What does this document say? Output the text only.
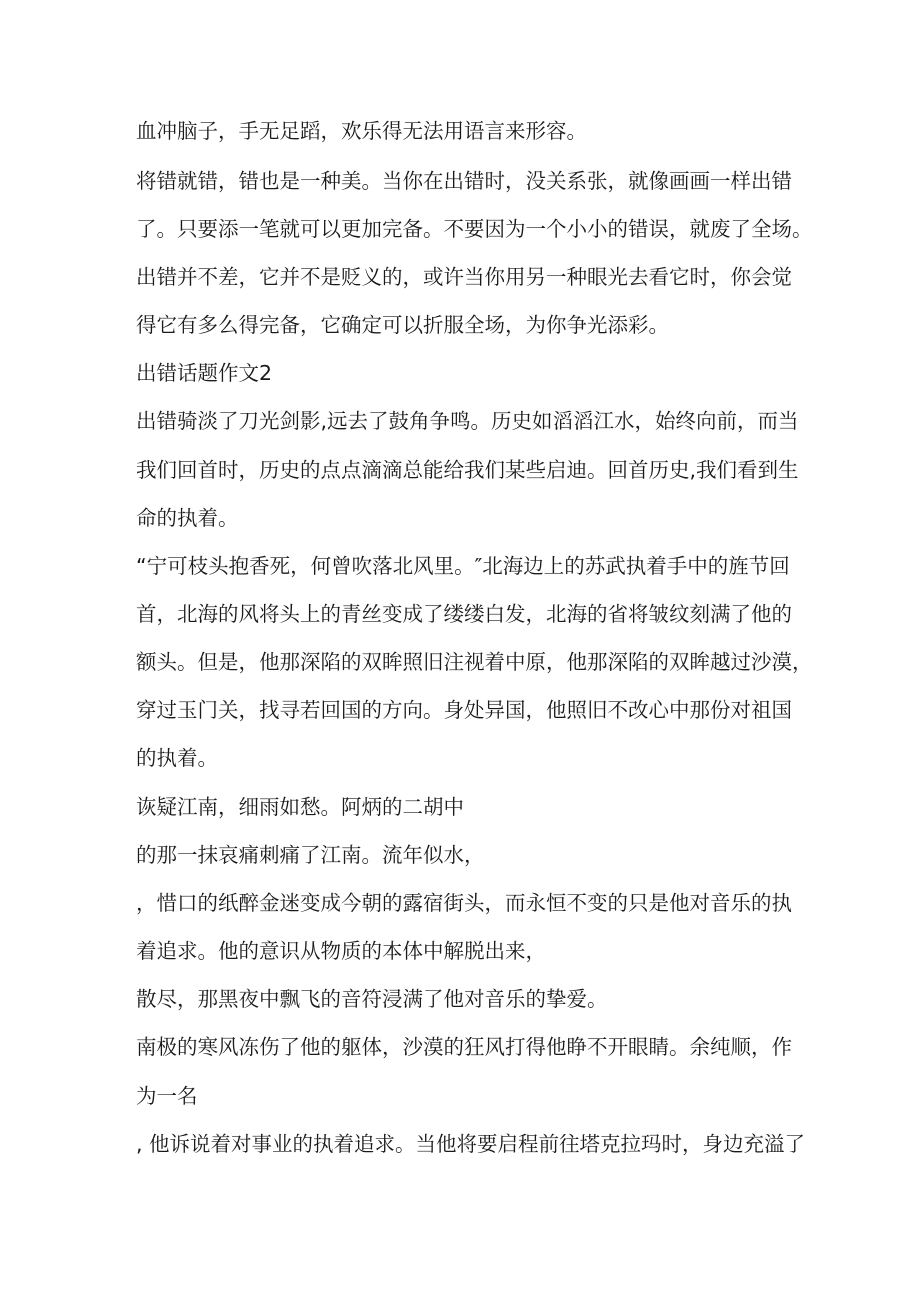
血冲脑子，手无足蹈，欢乐得无法用语言来形容。
将错就错，错也是一种美。当你在出错时，没关系张，就像画画一样出错
了。只要添一笔就可以更加完备。不要因为一个小小的错误，就废了全场。
出错并不差，它并不是贬义的，或许当你用另一种眼光去看它时，你会觉
得它有多么得完备，它确定可以折服全场，为你争光添彩。
出错话题作文2
出错骑淡了刀光剑影,远去了鼓角争鸣。历史如滔滔江水，始终向前，而当
我们回首时，历史的点点滴滴总能给我们某些启迪。回首历史,我们看到生
命的执着。
“宁可枝头抱香死，何曾吹落北风里。″北海边上的苏武执着手中的旌节回
首，北海的风将头上的青丝变成了缕缕白发，北海的省将皱纹刻满了他的
额头。但是，他那深陷的双眸照旧注视着中原，他那深陷的双眸越过沙漠，
穿过玉门关，找寻若回国的方向。身处异国，他照旧不改心中那份对祖国
的执着。
诙疑江南，细雨如愁。阿炳的二胡中
的那一抹哀痛刺痛了江南。流年似水，
，惜口的纸醉金迷变成今朝的露宿街头，而永恒不变的只是他对音乐的执
着追求。他的意识从物质的本体中解脱出来，
散尽，那黑夜中飘飞的音符浸满了他对音乐的挚爱。
南极的寒风冻伤了他的躯体，沙漠的狂风打得他睁不开眼睛。余纯顺，作
为一名
, 他诉说着对事业的执着追求。当他将要启程前往塔克拉玛时，身边充溢了
